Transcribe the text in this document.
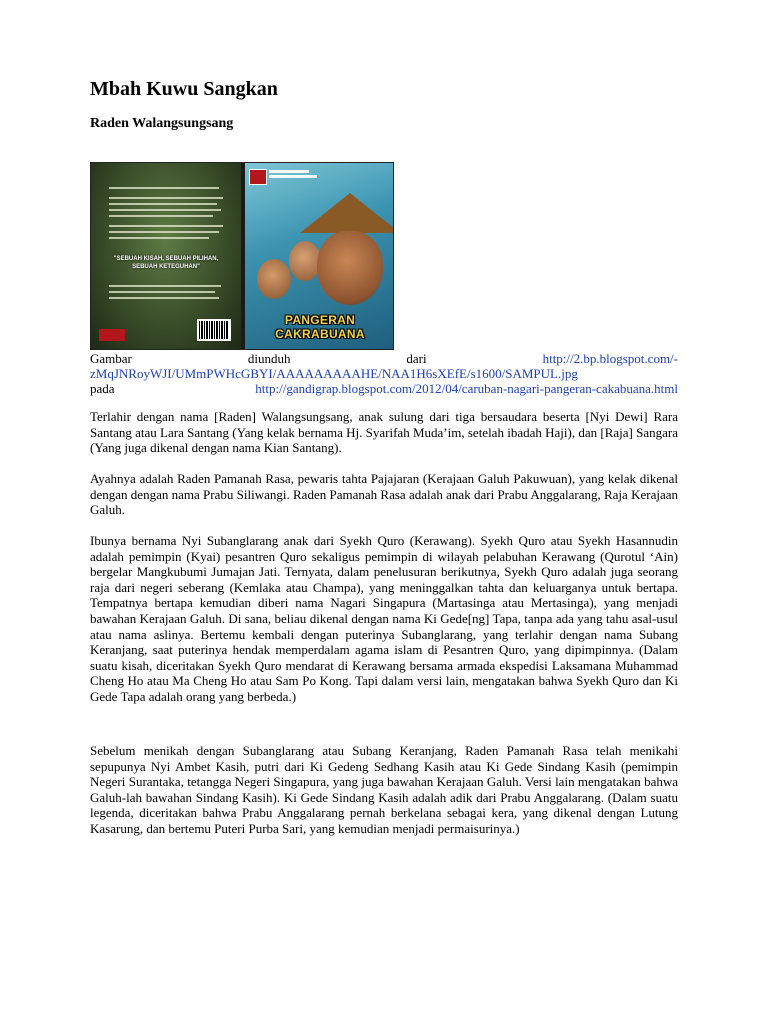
Mbah Kuwu Sangkan
Raden Walangsungsang
"SEBUAH KISAH, SEBUAH PILIHAN, SEBUAH KETEGUHAN"
PANGERAN CAKRABUANA
Gambar	diunduh	dari	http://2.bp.blogspot.com/-
zMqJNRoyWJI/UMmPWHcGBYI/AAAAAAAAAHE/NAA1H6sXEfE/s1600/SAMPUL.jpg
pada	http://gandigrap.blogspot.com/2012/04/caruban-nagari-pangeran-cakabuana.html

Terlahir dengan nama [Raden] Walangsungsang, anak sulung dari tiga bersaudara beserta [Nyi Dewi] Rara Santang atau Lara Santang (Yang kelak bernama Hj. Syarifah Muda’im, setelah ibadah Haji), dan [Raja] Sangara (Yang juga dikenal dengan nama Kian Santang).

Ayahnya adalah Raden Pamanah Rasa, pewaris tahta Pajajaran (Kerajaan Galuh Pakuwuan), yang kelak dikenal dengan dengan nama Prabu Siliwangi. Raden Pamanah Rasa adalah anak dari Prabu Anggalarang, Raja Kerajaan Galuh.

Ibunya bernama Nyi Subanglarang anak dari Syekh Quro (Kerawang). Syekh Quro atau Syekh Hasannudin adalah pemimpin (Kyai) pesantren Quro sekaligus pemimpin di wilayah pelabuhan Kerawang (Qurotul ‘Ain) bergelar Mangkubumi Jumajan Jati. Ternyata, dalam penelusuran berikutnya, Syekh Quro adalah juga seorang raja dari negeri seberang (Kemlaka atau Champa), yang meninggalkan tahta dan keluarganya untuk bertapa. Tempatnya bertapa kemudian diberi nama Nagari Singapura (Martasinga atau Mertasinga), yang menjadi bawahan Kerajaan Galuh. Di sana, beliau dikenal dengan nama Ki Gede[ng] Tapa, tanpa ada yang tahu asal-usul atau nama aslinya. Bertemu kembali dengan puterinya Subanglarang, yang terlahir dengan nama Subang Keranjang, saat puterinya hendak memperdalam agama islam di Pesantren Quro, yang dipimpinnya. (Dalam suatu kisah, diceritakan Syekh Quro mendarat di Kerawang bersama armada ekspedisi Laksamana Muhammad Cheng Ho atau Ma Cheng Ho atau Sam Po Kong. Tapi dalam versi lain, mengatakan bahwa Syekh Quro dan Ki Gede Tapa adalah orang yang berbeda.)

Sebelum menikah dengan Subanglarang atau Subang Keranjang, Raden Pamanah Rasa telah menikahi sepupunya Nyi Ambet Kasih, putri dari Ki Gedeng Sedhang Kasih atau Ki Gede Sindang Kasih (pemimpin Negeri Surantaka, tetangga Negeri Singapura, yang juga bawahan Kerajaan Galuh. Versi lain mengatakan bahwa Galuh-lah bawahan Sindang Kasih). Ki Gede Sindang Kasih adalah adik dari Prabu Anggalarang. (Dalam suatu legenda, diceritakan bahwa Prabu Anggalarang pernah berkelana sebagai kera, yang dikenal dengan Lutung Kasarung, dan bertemu Puteri Purba Sari, yang kemudian menjadi permaisurinya.)
